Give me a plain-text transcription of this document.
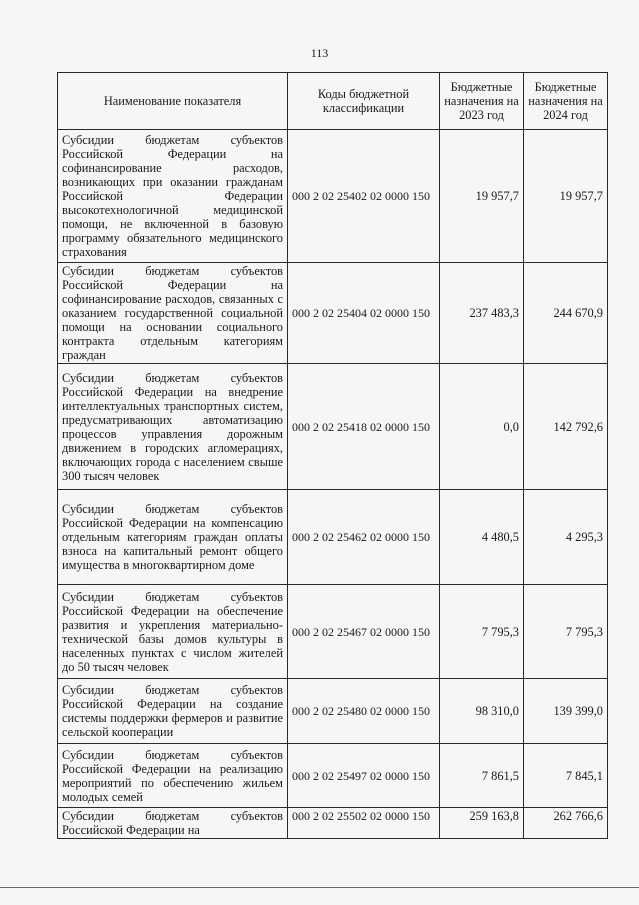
113
Наименование показателя	Коды бюджетной классификации	Бюджетные назначения на 2023 год	Бюджетные назначения на 2024 год
Субсидии бюджетам субъектов Российской Федерации на софинансирование расходов, возникающих при оказании гражданам Российской Федерации высокотехнологичной медицинской помощи, не включенной в базовую программу обязательного медицинского страхования	000 2 02 25402 02 0000 150	19 957,7	19 957,7
Субсидии бюджетам субъектов Российской Федерации на софинансирование расходов, связанных с оказанием государственной социальной помощи на основании социального контракта отдельным категориям граждан	000 2 02 25404 02 0000 150	237 483,3	244 670,9
Субсидии бюджетам субъектов Российской Федерации на внедрение интеллектуальных транспортных систем, предусматривающих автоматизацию процессов управления дорожным движением в городских агломерациях, включающих города с населением свыше 300 тысяч человек	000 2 02 25418 02 0000 150	0,0	142 792,6
Субсидии бюджетам субъектов Российской Федерации на компенсацию отдельным категориям граждан оплаты взноса на капитальный ремонт общего имущества в многоквартирном доме	000 2 02 25462 02 0000 150	4 480,5	4 295,3
Субсидии бюджетам субъектов Российской Федерации на обеспечение развития и укрепления материально-технической базы домов культуры в населенных пунктах с числом жителей до 50 тысяч человек	000 2 02 25467 02 0000 150	7 795,3	7 795,3
Субсидии бюджетам субъектов Российской Федерации на создание системы поддержки фермеров и развитие сельской кооперации	000 2 02 25480 02 0000 150	98 310,0	139 399,0
Субсидии бюджетам субъектов Российской Федерации на реализацию мероприятий по обеспечению жильем молодых семей	000 2 02 25497 02 0000 150	7 861,5	7 845,1
Субсидии бюджетам субъектов Российской Федерации на	000 2 02 25502 02 0000 150	259 163,8	262 766,6
